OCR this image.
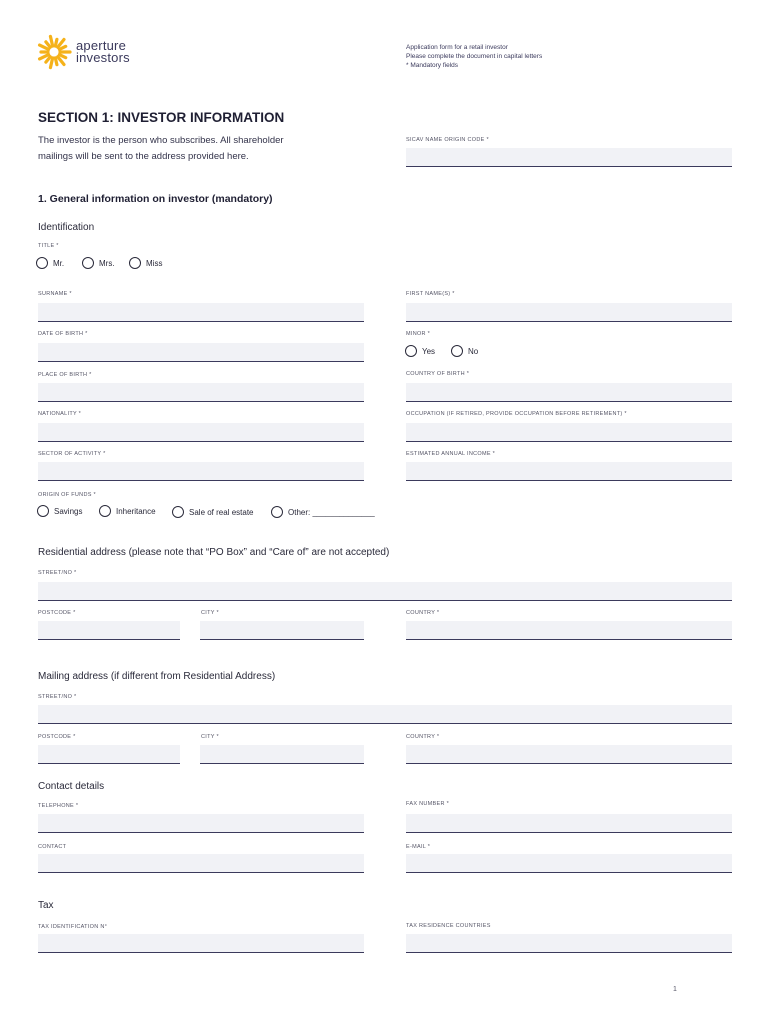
aperture
investors
Application form for a retail investor
Please complete the document in capital letters
* Mandatory fields
SECTION 1: INVESTOR INFORMATION
The investor is the person who subscribes. All shareholder
mailings will be sent to the address provided here.
SICAV NAME ORIGIN CODE *
1. General information on investor (mandatory)
Identification
TITLE *
Mr.	Mrs.	Miss
SURNAME *	FIRST NAME(S) *
DATE OF BIRTH *	MINOR *
Yes	No
PLACE OF BIRTH *	COUNTRY OF BIRTH *
NATIONALITY *	OCCUPATION (IF RETIRED, PROVIDE OCCUPATION BEFORE RETIREMENT) *
SECTOR OF ACTIVITY *	ESTIMATED ANNUAL INCOME *
ORIGIN OF FUNDS *
Savings	Inheritance	Sale of real estate	Other: ______________
Residential address (please note that “PO Box” and “Care of” are not accepted)
STREET/NO *
POSTCODE *	CITY *	COUNTRY *
Mailing address (if different from Residential Address)
STREET/NO *
POSTCODE *	CITY *	COUNTRY *
Contact details
TELEPHONE *	FAX NUMBER *
CONTACT	E-MAIL *
Tax
TAX IDENTIFICATION N°	TAX RESIDENCE COUNTRIES
1
